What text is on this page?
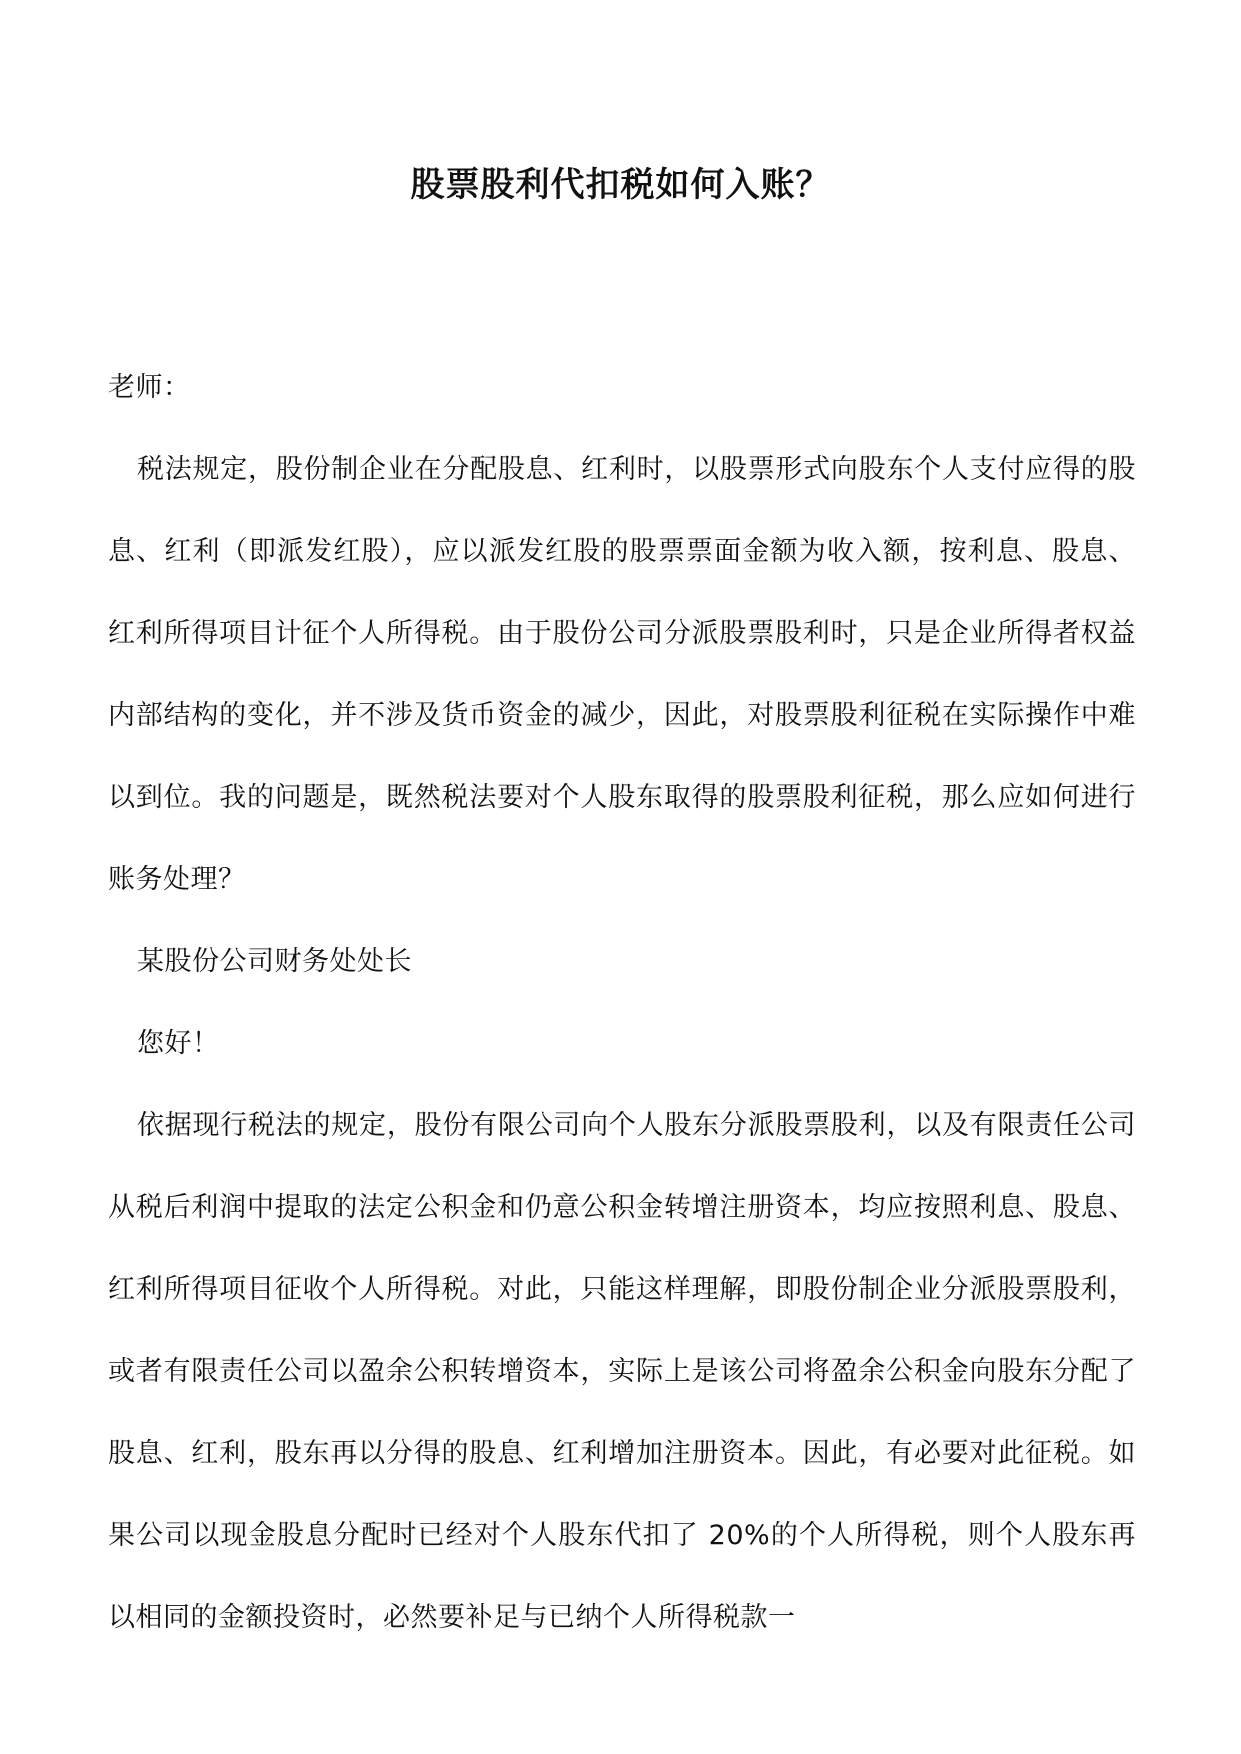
股票股利代扣税如何入账？

老师：

税法规定，股份制企业在分配股息、红利时，以股票形式向股东个人支付应得的股息、红利（即派发红股），应以派发红股的股票票面金额为收入额，按利息、股息、红利所得项目计征个人所得税。由于股份公司分派股票股利时，只是企业所得者权益内部结构的变化，并不涉及货币资金的减少，因此，对股票股利征税在实际操作中难以到位。我的问题是，既然税法要对个人股东取得的股票股利征税，那么应如何进行账务处理？

某股份公司财务处处长

您好！

依据现行税法的规定，股份有限公司向个人股东分派股票股利，以及有限责任公司从税后利润中提取的法定公积金和仍意公积金转增注册资本，均应按照利息、股息、红利所得项目征收个人所得税。对此，只能这样理解，即股份制企业分派股票股利，或者有限责任公司以盈余公积转增资本，实际上是该公司将盈余公积金向股东分配了股息、红利，股东再以分得的股息、红利增加注册资本。因此，有必要对此征税。如果公司以现金股息分配时已经对个人股东代扣了 20%的个人所得税，则个人股东再以相同的金额投资时，必然要补足与已纳个人所得税款一
